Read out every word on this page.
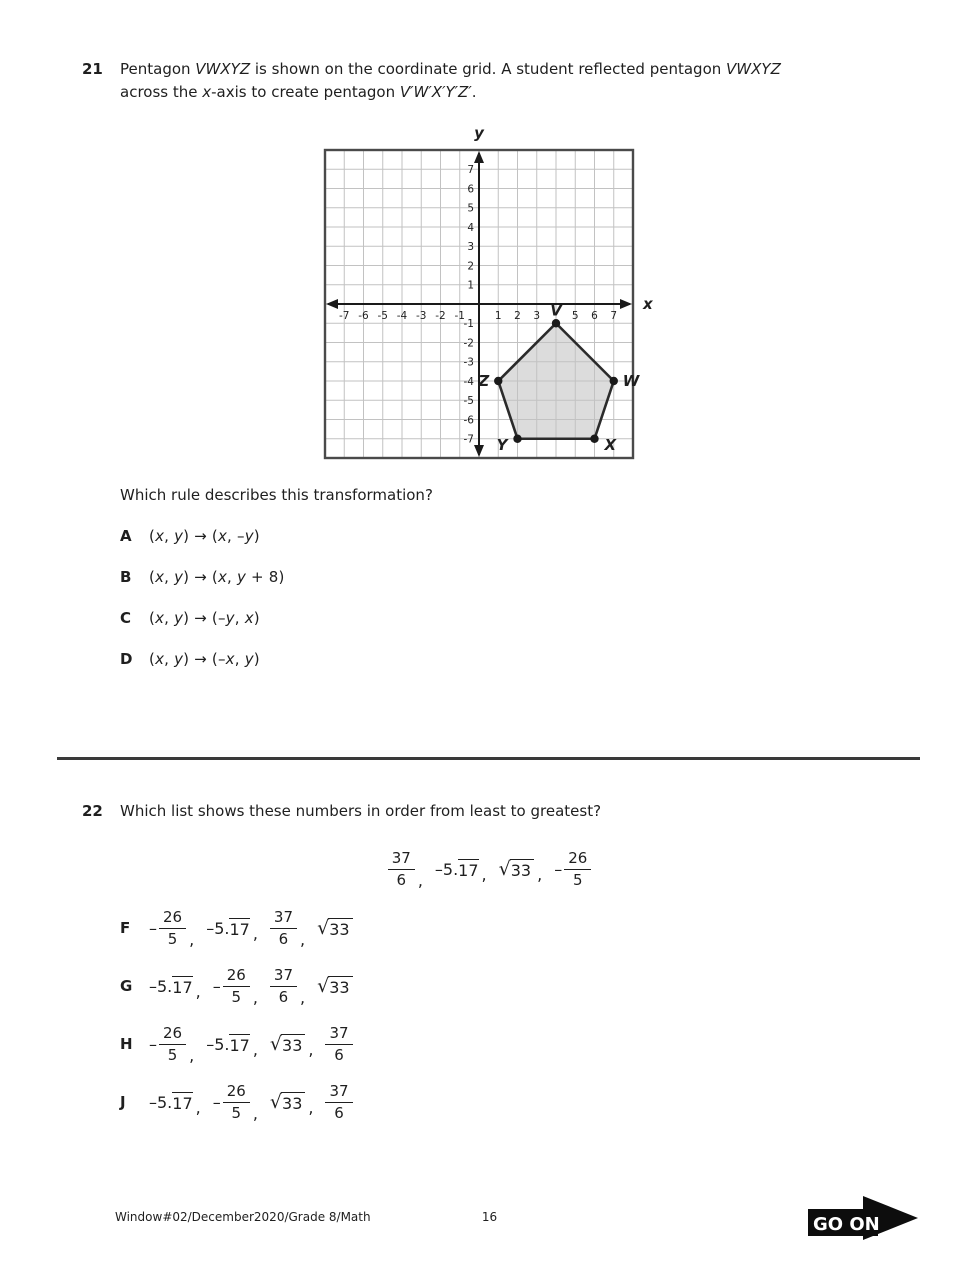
21	Pentagon VWXYZ is shown on the coordinate grid. A student reflected pentagon VWXYZ
across the x-axis to create pentagon V′W′X′Y′Z′.
-7 -6 -5 -4 -3 -2 -1	1 2 3	5 6 7
7
6
5
4
3
2
1
-1
-2
-3
-4
-5
-6
-7
y
x
V
W
X
Y
Z
Which rule describes this transformation?
A	(x, y) → (x, –y)
B	(x, y) → (x, y + 8)
C	(x, y) → (–y, x)
D	(x, y) → (–x, y)
22	Which list shows these numbers in order from least to greatest?
$\frac{37}{6}$ ,
–5. 17 , √ 33 , – $\frac{26}{5}$
F	– $\frac{26}{5}$ ,
–5. 17 , $\frac{37}{6}$ ,
√ 33
G	–5. 17 , – $\frac{26}{5}$ , $\frac{37}{6}$ ,
√ 33
H	– $\frac{26}{5}$ ,
–5. 17 , √ 33 , $\frac{37}{6}$
J	–5. 17 , – $\frac{26}{5}$ ,
√ 33 , $\frac{37}{6}$
Window#02/December2020/Grade 8/Math	16	GO ON
